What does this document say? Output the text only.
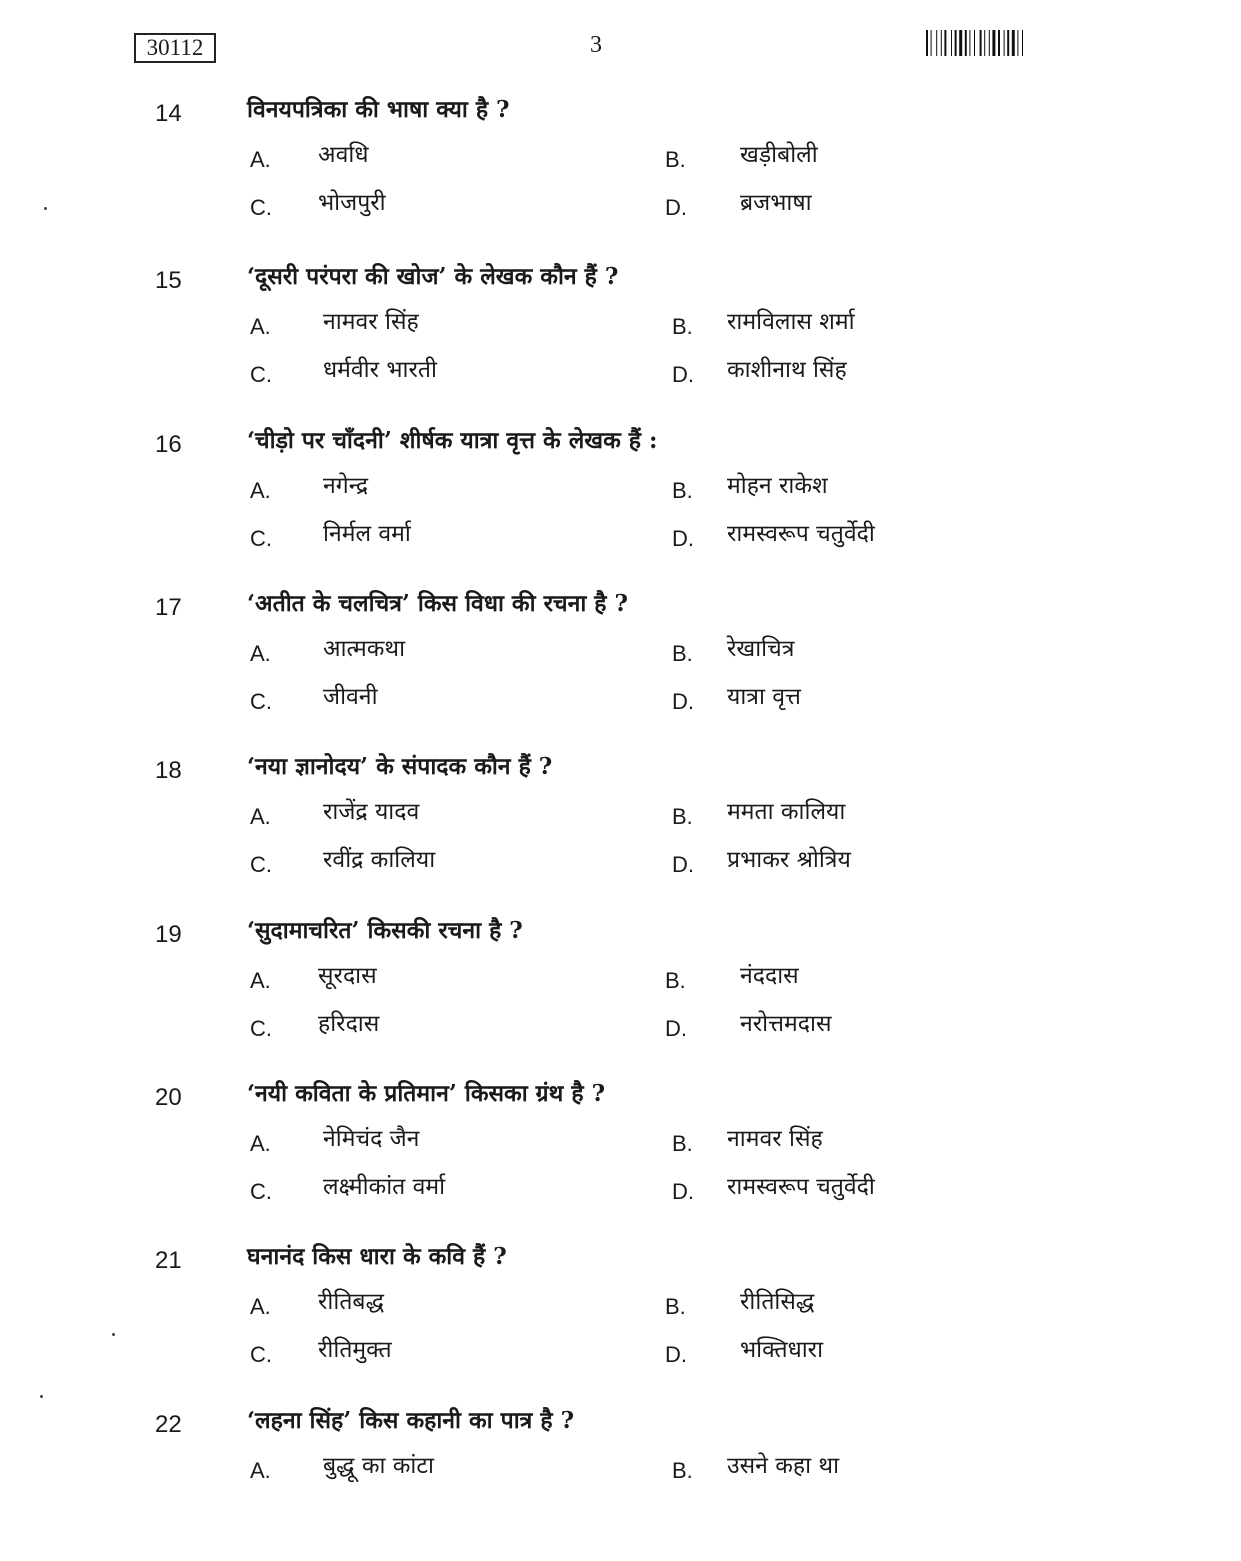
30112	3
14	विनयपत्रिका की भाषा क्या है ?
A. अवधि	B. खड़ीबोली
C. भोजपुरी	D. ब्रजभाषा
15	‘दूसरी परंपरा की खोज’ के लेखक कौन हैं ?
A. नामवर सिंह	B. रामविलास शर्मा
C. धर्मवीर भारती	D. काशीनाथ सिंह
16	‘चीड़ो पर चाँदनी’ शीर्षक यात्रा वृत्त के लेखक हैं :
A. नगेन्द्र	B. मोहन राकेश
C. निर्मल वर्मा	D. रामस्वरूप चतुर्वेदी
17	‘अतीत के चलचित्र’ किस विधा की रचना है ?
A. आत्मकथा	B. रेखाचित्र
C. जीवनी	D. यात्रा वृत्त
18	‘नया ज्ञानोदय’ के संपादक कौन हैं ?
A. राजेंद्र यादव	B. ममता कालिया
C. रवींद्र कालिया	D. प्रभाकर श्रोत्रिय
19	‘सुदामाचरित’ किसकी रचना है ?
A. सूरदास	B. नंददास
C. हरिदास	D. नरोत्तमदास
20	‘नयी कविता के प्रतिमान’ किसका ग्रंथ है ?
A. नेमिचंद जैन	B. नामवर सिंह
C. लक्ष्मीकांत वर्मा	D. रामस्वरूप चतुर्वेदी
21	घनानंद किस धारा के कवि हैं ?
A. रीतिबद्ध	B. रीतिसिद्ध
C. रीतिमुक्त	D. भक्तिधारा
22	‘लहना सिंह’ किस कहानी का पात्र है ?
A. बुद्धू का कांटा	B. उसने कहा था
